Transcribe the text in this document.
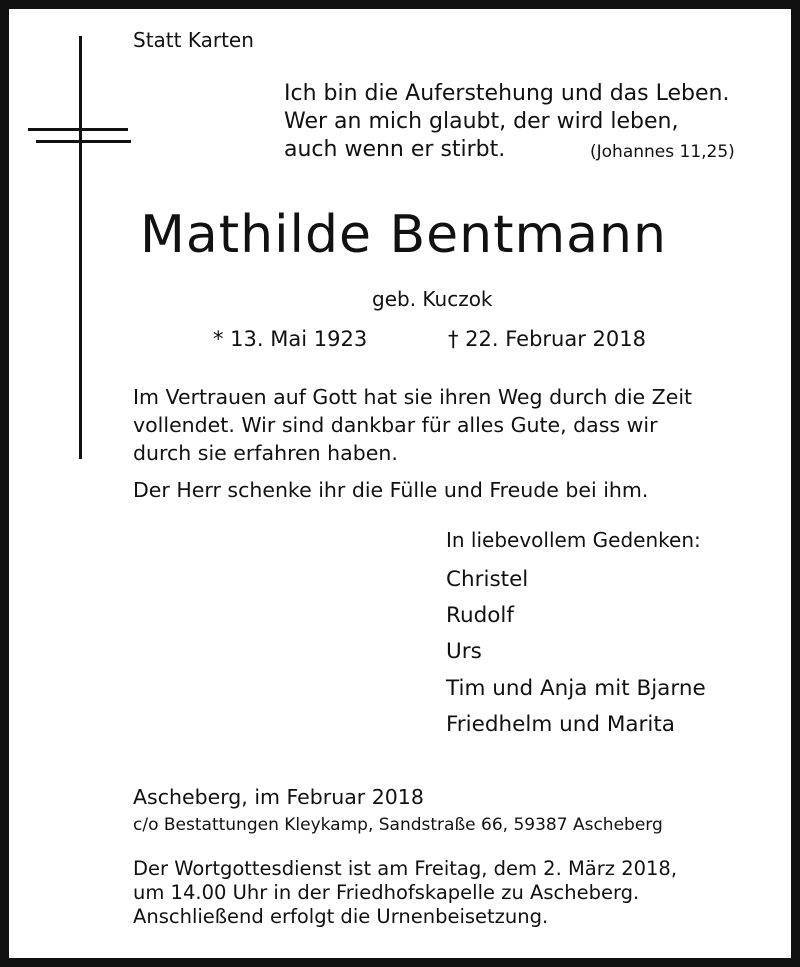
Statt Karten
Ich bin die Auferstehung und das Leben.
Wer an mich glaubt, der wird leben,
auch wenn er stirbt.	(Johannes 11,25)
Mathilde Bentmann
geb. Kuczok
* 13. Mai 1923	† 22. Februar 2018
Im Vertrauen auf Gott hat sie ihren Weg durch die Zeit
vollendet. Wir sind dankbar für alles Gute, dass wir
durch sie erfahren haben.
Der Herr schenke ihr die Fülle und Freude bei ihm.
In liebevollem Gedenken:
Christel
Rudolf
Urs
Tim und Anja mit Bjarne
Friedhelm und Marita
Ascheberg, im Februar 2018
c/o Bestattungen Kleykamp, Sandstraße 66, 59387 Ascheberg
Der Wortgottesdienst ist am Freitag, dem 2. März 2018,
um 14.00 Uhr in der Friedhofskapelle zu Ascheberg.
Anschließend erfolgt die Urnenbeisetzung.
